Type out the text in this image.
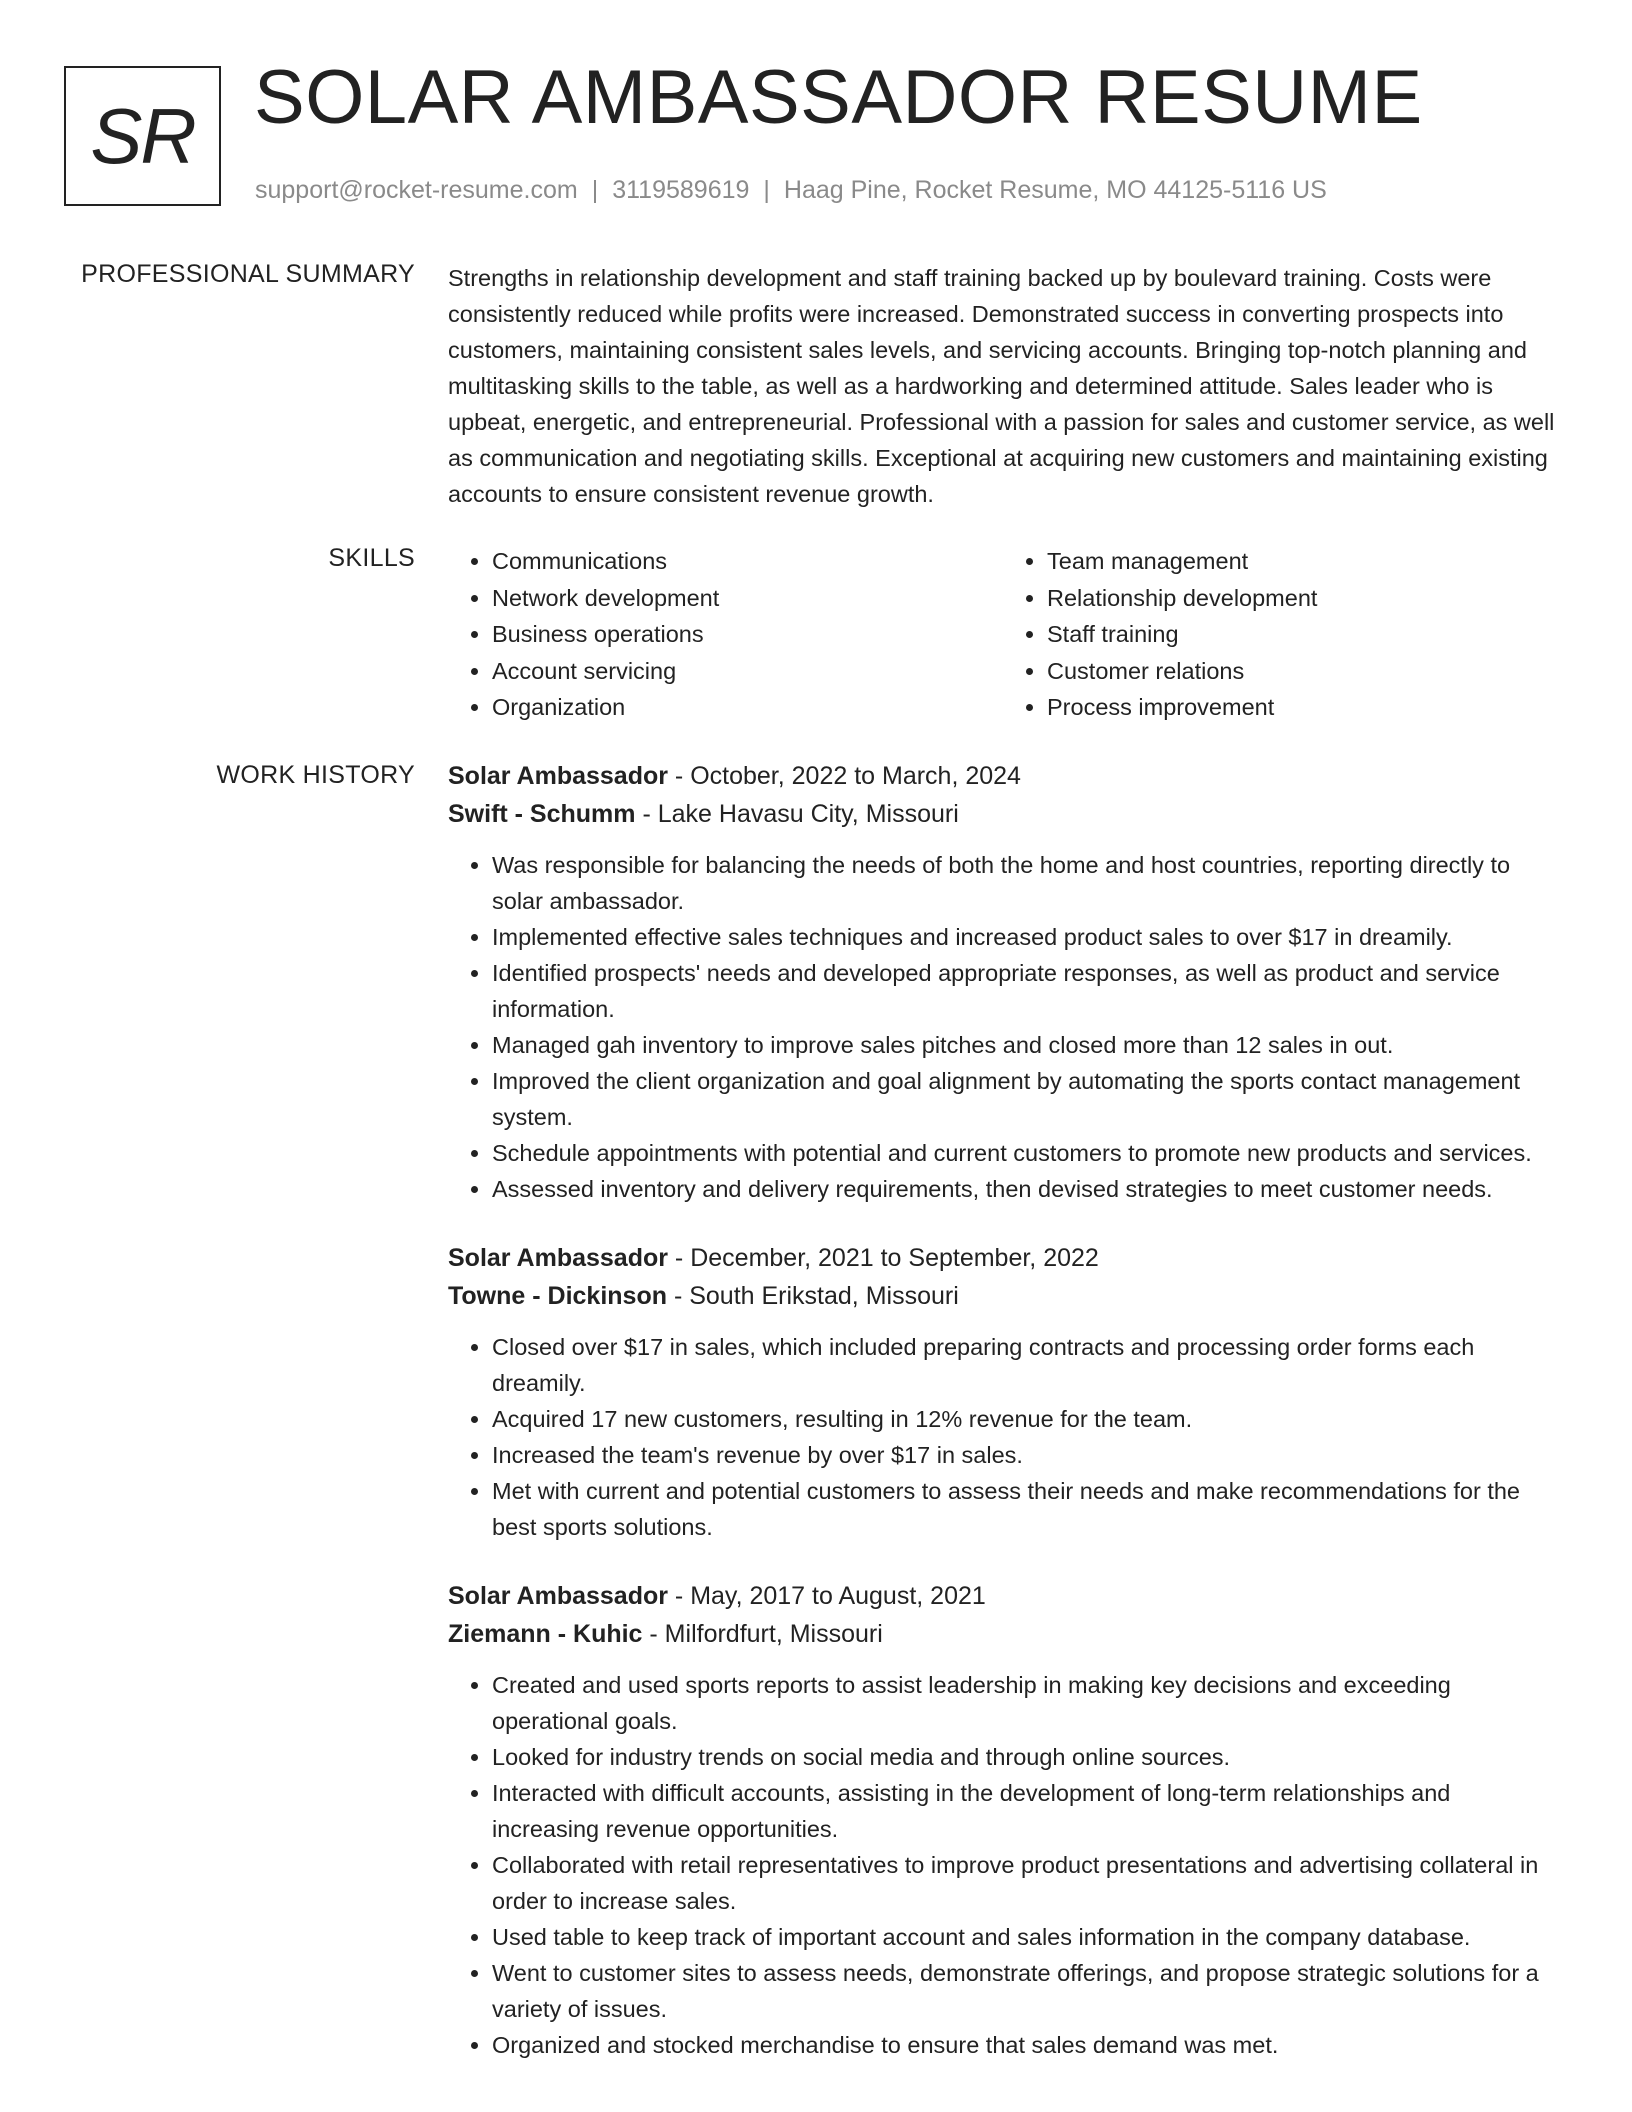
SR SOLAR AMBASSADOR RESUME
support@rocket-resume.com | 3119589619 | Haag Pine, Rocket Resume, MO 44125-5116 US
PROFESSIONAL SUMMARY Strengths in relationship development and staff training backed up by boulevard training. Costs were consistently reduced while profits were increased. Demonstrated success in converting prospects into customers, maintaining consistent sales levels, and servicing accounts. Bringing top-notch planning and multitasking skills to the table, as well as a hardworking and determined attitude. Sales leader who is upbeat, energetic, and entrepreneurial. Professional with a passion for sales and customer service, as well as communication and negotiating skills. Exceptional at acquiring new customers and maintaining existing accounts to ensure consistent revenue growth.

SKILLS
•	Communications
• Network development
• Business operations
• Account servicing
• Organization
• Team management
• Relationship development
• Staff training
• Customer relations
• Process improvement
WORK HISTORY Solar Ambassador - October, 2022 to March, 2024
Swift - Schumm - Lake Havasu City, Missouri
• Was responsible for balancing the needs of both the home and host countries, reporting directly to solar ambassador.
• Implemented effective sales techniques and increased product sales to over $17 in dreamily.
• Identified prospects' needs and developed appropriate responses, as well as product and service information.
• Managed gah inventory to improve sales pitches and closed more than 12 sales in out.
• Improved the client organization and goal alignment by automating the sports contact management system.
• Schedule appointments with potential and current customers to promote new products and services.
• Assessed inventory and delivery requirements, then devised strategies to meet customer needs.
Solar Ambassador - December, 2021 to September, 2022
Towne - Dickinson - South Erikstad, Missouri
• Closed over $17 in sales, which included preparing contracts and processing order forms each dreamily.
• Acquired 17 new customers, resulting in 12% revenue for the team.
• Increased the team's revenue by over $17 in sales.
• Met with current and potential customers to assess their needs and make recommendations for the best sports solutions.
Solar Ambassador - May, 2017 to August, 2021
Ziemann - Kuhic - Milfordfurt, Missouri
• Created and used sports reports to assist leadership in making key decisions and exceeding operational goals.
• Looked for industry trends on social media and through online sources.
• Interacted with difficult accounts, assisting in the development of long-term relationships and increasing revenue opportunities.
• Collaborated with retail representatives to improve product presentations and advertising collateral in order to increase sales.
• Used table to keep track of important account and sales information in the company database.
• Went to customer sites to assess needs, demonstrate offerings, and propose strategic solutions for a variety of issues.
• Organized and stocked merchandise to ensure that sales demand was met.
